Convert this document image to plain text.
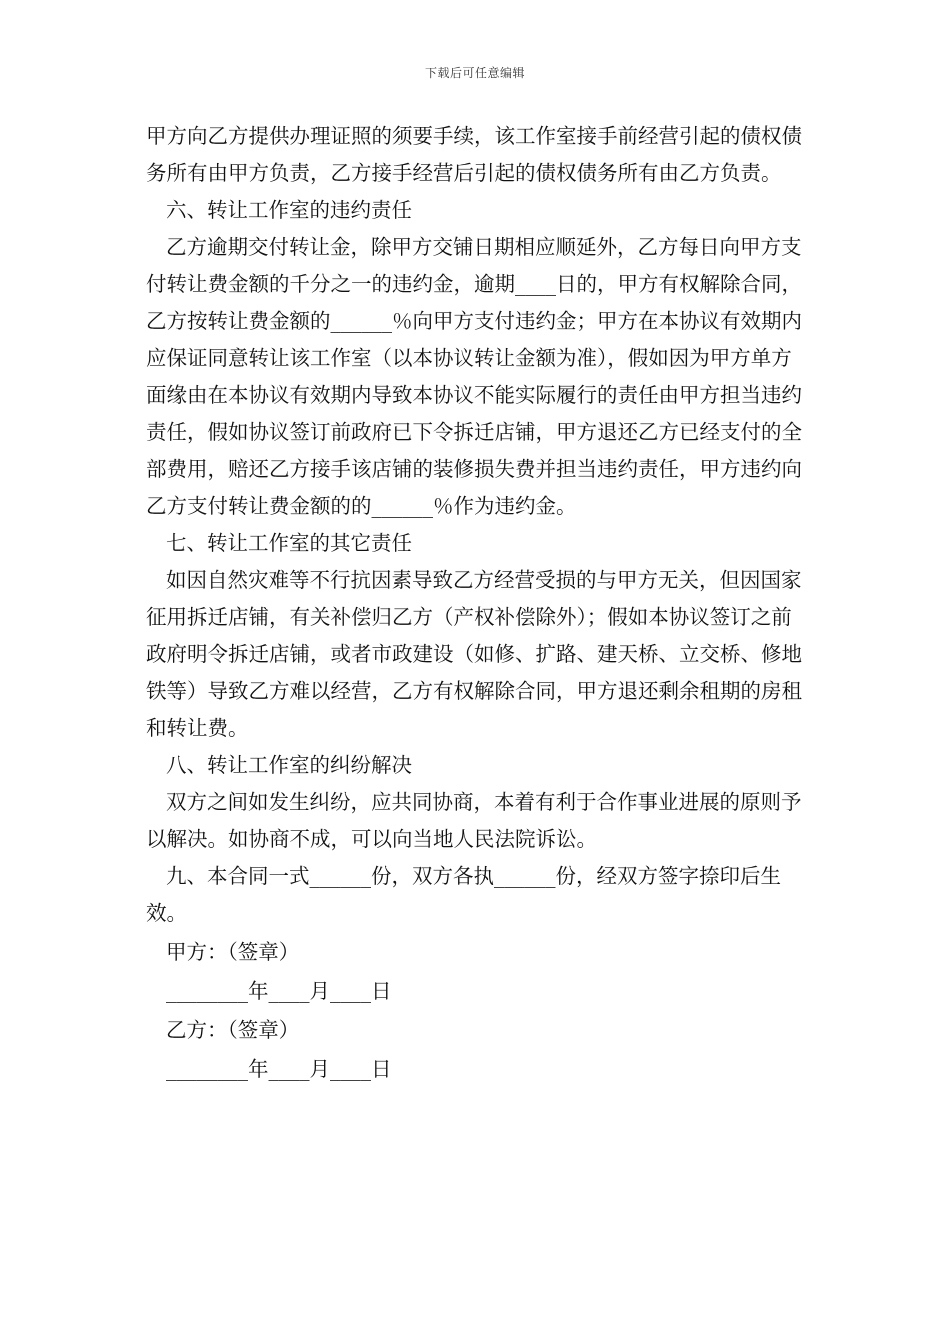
下载后可任意编辑

甲方向乙方提供办理证照的须要手续，该工作室接手前经营引起的债权债务所有由甲方负责，乙方接手经营后引起的债权债务所有由乙方负责。

六、转让工作室的违约责任

乙方逾期交付转让金，除甲方交铺日期相应顺延外，乙方每日向甲方支付转让费金额的千分之一的违约金，逾期____日的，甲方有权解除合同，乙方按转让费金额的______％向甲方支付违约金；甲方在本协议有效期内应保证同意转让该工作室（以本协议转让金额为准），假如因为甲方单方面缘由在本协议有效期内导致本协议不能实际履行的责任由甲方担当违约责任，假如协议签订前政府已下令拆迁店铺，甲方退还乙方已经支付的全部费用，赔还乙方接手该店铺的装修损失费并担当违约责任，甲方违约向乙方支付转让费金额的的______％作为违约金。

七、转让工作室的其它责任

如因自然灾难等不行抗因素导致乙方经营受损的与甲方无关，但因国家征用拆迁店铺，有关补偿归乙方（产权补偿除外）；假如本协议签订之前政府明令拆迁店铺，或者市政建设（如修、扩路、建天桥、立交桥、修地铁等）导致乙方难以经营，乙方有权解除合同，甲方退还剩余租期的房租和转让费。

八、转让工作室的纠纷解决

双方之间如发生纠纷，应共同协商，本着有利于合作事业进展的原则予以解决。如协商不成，可以向当地人民法院诉讼。

九、本合同一式______份，双方各执______份，经双方签字捺印后生效。

甲方：（签章）

________年____月____日

乙方：（签章）

________年____月____日
